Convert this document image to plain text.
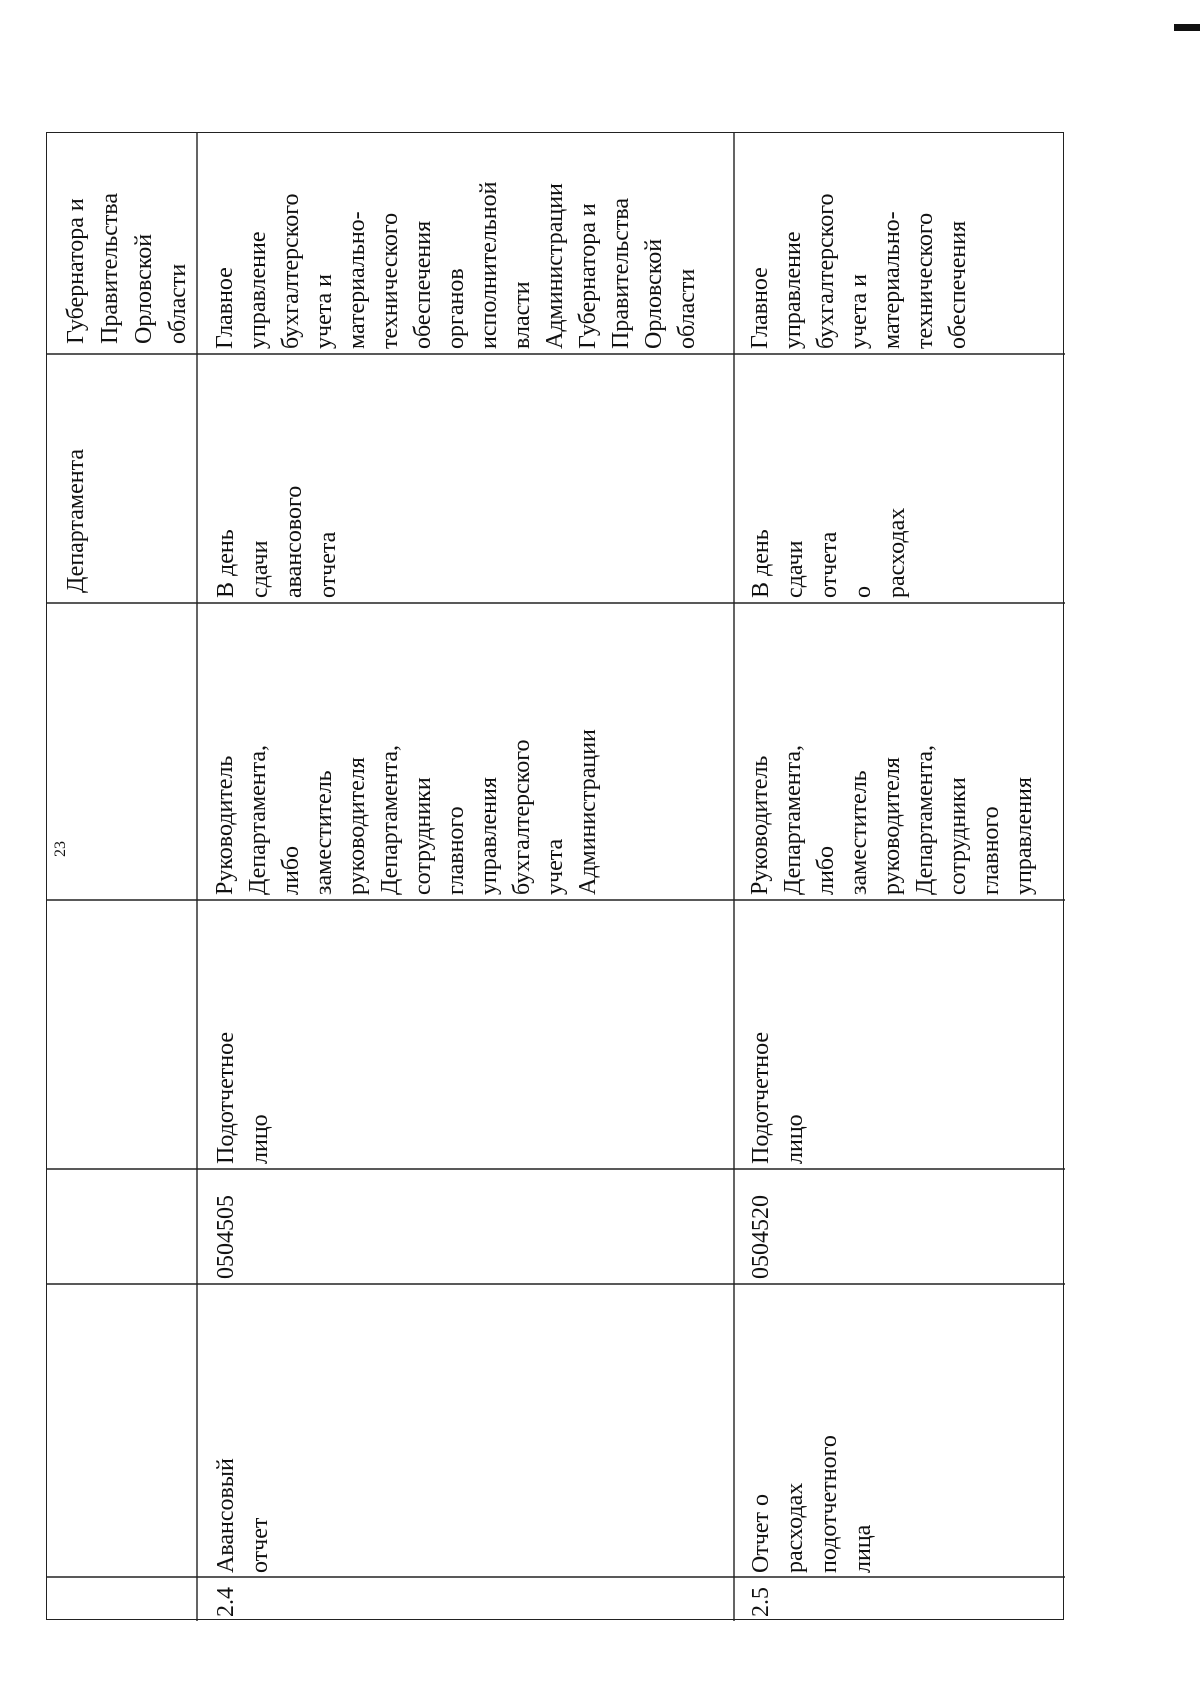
23
Департамента
Губернатора и
Правительства
Орловской
области
2.4
Авансовый отчет
0504505
Подотчетное лицо
Руководитель
Департамента, либо
заместитель
руководителя
Департамента,
сотрудники главного
управления
бухгалтерского учета
Администрации
В день сдачи
авансового отчета
Главное
управление
бухгалтерского
учета и
материально-
технического
обеспечения
органов
исполнительной
власти
Администрации
Губернатора и
Правительства
Орловской
области
2.5
Отчет о расходах
подотчетного лица
0504520
Подотчетное лицо
Руководитель
Департамента, либо
заместитель
руководителя
Департамента,
сотрудники главного
управления
В день сдачи отчета
о расходах
Главное
управление
бухгалтерского
учета и
материально-
технического
обеспечения
